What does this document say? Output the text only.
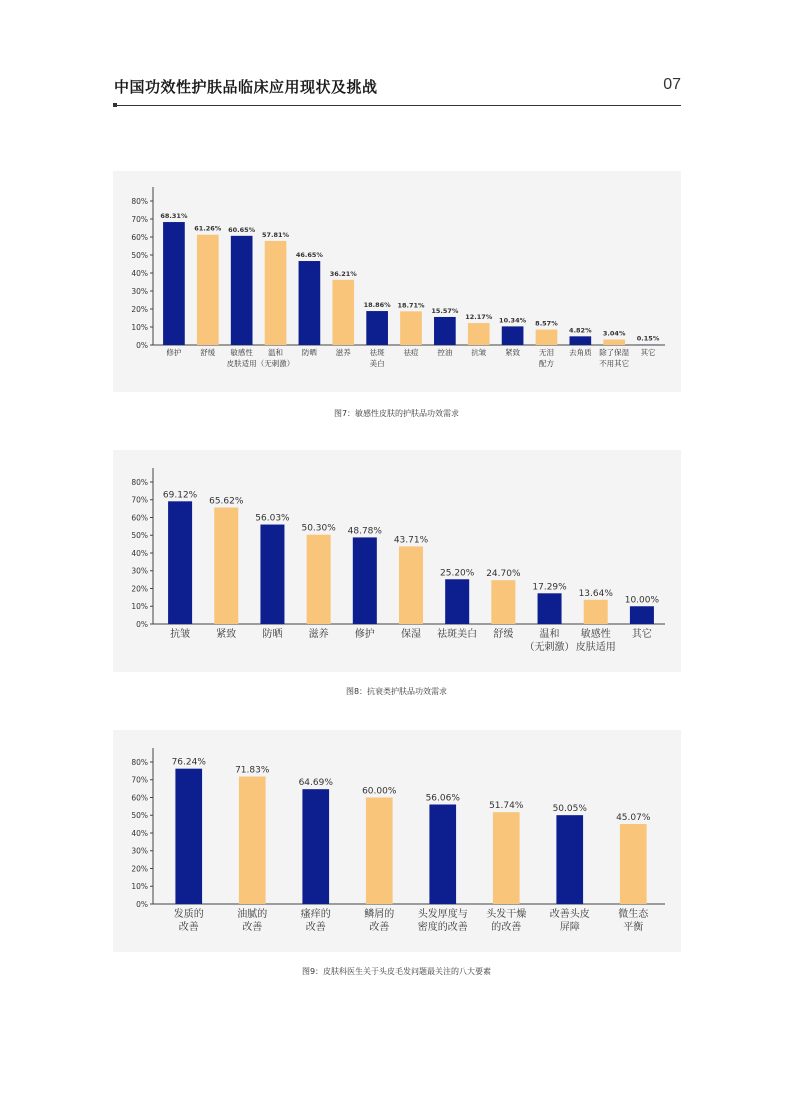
中国功效性护肤品临床应用现状及挑战	07
0%
10%
20%
30%
40%
50%
60%
70%
80%
68.31%
修护
61.26%
舒缓
60.65%
敏感性
皮肤适用
57.81%
温和
（无刺激）
46.65%
防晒
36.21%
滋养
18.86%
祛斑
美白
18.71%
祛痘
15.57%
控油
12.17%
抗皱
10.34%
紧致
8.57%
无泪
配方
4.82%
去角质
3.04%
除了保湿
不用其它
0.15%
其它
图7：敏感性皮肤的护肤品功效需求
0%
10%
20%
30%
40%
50%
60%
70%
80%
69.12%
抗皱
65.62%
紧致
56.03%
防晒
50.30%
滋养
48.78%
修护
43.71%
保湿
25.20%
祛斑美白
24.70%
舒缓
17.29%
温和
（无刺激）
13.64%
敏感性
皮肤适用
10.00%
其它
图8：抗衰类护肤品功效需求
0%
10%
20%
30%
40%
50%
60%
70%
80%	76.24%
发质的
改善
71.83%
油腻的
改善
64.69%
瘙痒的
改善
60.00%
鳞屑的
改善
56.06%
头发厚度与
密度的改善
51.74%
头发干燥
的改善
50.05%
改善头皮
屏障
45.07%
微生态
平衡
图9：皮肤科医生关于头皮毛发问题最关注的八大要素
